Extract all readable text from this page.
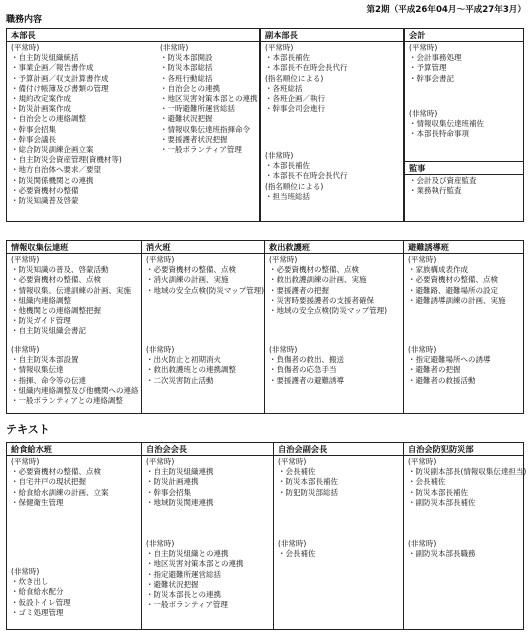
第2期（平成26年04月～平成27年3月）
職務内容
テキスト
本部長
(平常時)
・自主防災組織統括
・事業企画／報告書作成
・予算計画／収支計算書作成
・備付け帳簿及び書類の管理
・規約改定案作成
・防災計画案作成
・自治会との連絡調整
・幹事会招集
・幹事会議長
・総合防災訓練企画立案
・自主防災会資産管理(資機材等)
・地方自治体へ要求／要望
・防災関係機関との連携
・必要資機材の整備
・防災知識普及啓蒙
(非常時)
・防災本部開設
・防災本部総括
・各班行動総括
・自治会との連携
・地区災害対策本部との連携
・一時避難所運営総括
・避難状況把握
・情報収集伝達班指揮命令
・要援護者状況把握
・一般ボランティア管理
副本部長
(平常時)
・本部長補佐
・本部長不在時会長代行
(指名順位による)
・各班総括
・各班企画／執行
・幹事会司会進行
(非常時)
・本部長補佐
・本部長不在時会長代行
(指名順位による)
・担当班総括
会計
(平常時)
・会計事務処理
・予算管理
・幹事会書記
(非常時)
・情報収集伝達班補佐
・本部長特命事項
監事
・会計及び資産監査
・業務執行監査
情報収集伝達班
(平常時)
・防災知識の普及、啓蒙活動
・必要資機材の整備、点検
・情報収集、伝達訓練の計画、実施
・組織内連絡調整
・他機関との連絡調整把握
・防災ガイド管理
・自主防災組織会書記
(非常時)
・自主防災本部設置
・情報収集伝達
・指揮、命令等の伝達
・組織内連絡調整及び他機関への連絡
・一般ボランティアとの連絡調整
消火班
(平常時)
・必要資機材の整備、点検
・消火訓練の計画、実施
・地域の安全点検(防災マップ管理)
(非常時)
・出火防止と初期消火
・救出救護班との連携調整
・二次災害防止活動
救出救護班
(平常時)
・必要資機材の整備、点検
・救出救護訓練の計画、実施
・要援護者の把握
・災害時要援護者の支援者確保
・地域の安全点検(防災マップ管理)
(非常時)
・負傷者の救出、搬送
・負傷者の応急手当
・要援護者の避難誘導
避難誘導班
(平常時)
・家族構成表作成
・必要資機材の整備、点検
・避難路、避難場所の設定
・避難誘導訓練の計画、実施
(非常時)
・指定避難場所への誘導
・避難者の把握
・避難者の救援活動
給食給水班
(平常時)
・必要資機材の整備、点検
・自宅井戸の現状把握
・給食給水訓練の計画、立案
・保健衛生管理
(非常時)
・炊き出し
・給食給水配分
・仮設トイレ管理
・ゴミ処理管理
自治会会長
(平常時)
・自主防災組織連携
・防災計画連携
・幹事会招集
・地域防災関連連携
(非常時)
・自主防災組織との連携
・地区災害対策本部との連携
・指定避難所運営総括
・避難状況把握
・防災本部長との連携
・一般ボランティア管理
自治会副会長
(平常時)
・会長補佐
・防災本部長補佐
・防犯防災部総括
(非常時)
・会長補佐
自治会防犯防災部
(平常時)
・防災副本部長(情報収集伝達担当)
・会長補佐
・防災本部長補佐
・副防災本部長補佐
(非常時)
・副防災本部長職務
